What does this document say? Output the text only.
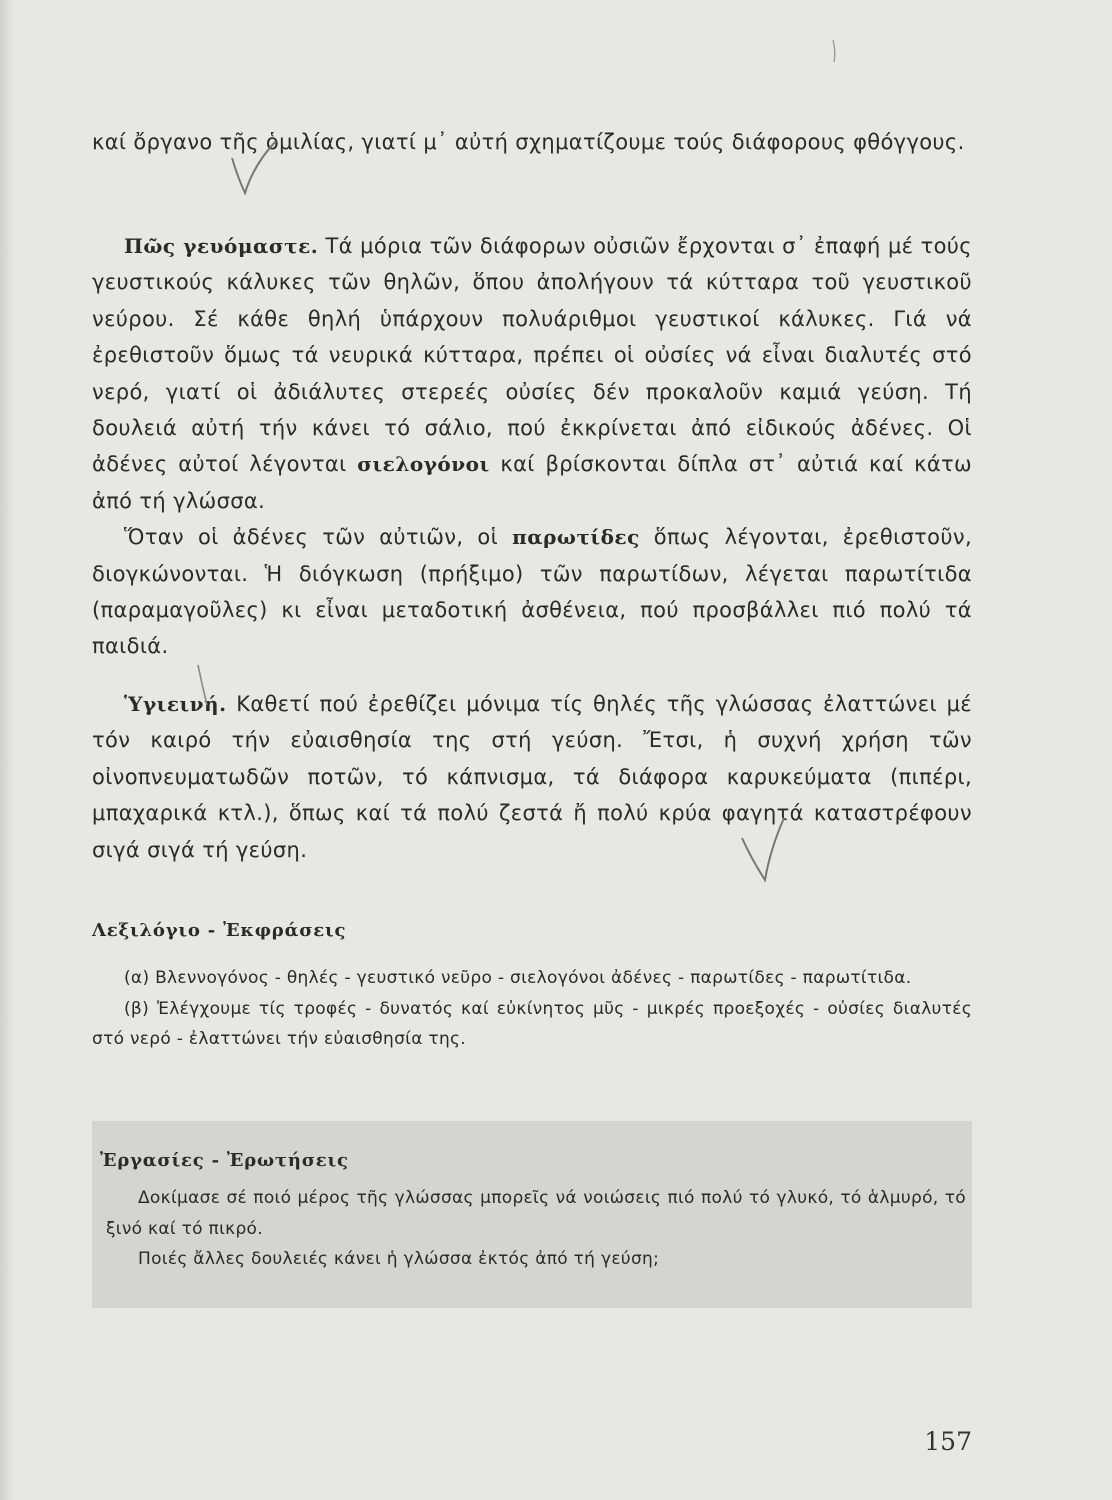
καί ὄργανο τῆς ὁμιλίας, γιατί μ᾽ αὐτή σχηματίζουμε τούς διάφορους φθόγγους.

Πῶς γευόμαστε. Τά μόρια τῶν διάφορων οὐσιῶν ἔρχονται σ᾽ ἐπαφή μέ τούς γευστικούς κάλυκες τῶν θηλῶν, ὅπου ἀπολήγουν τά κύτταρα τοῦ γευστικοῦ νεύρου. Σέ κάθε θηλή ὑπάρχουν πολυάριθμοι γευστικοί κάλυκες. Γιά νά ἐρεθιστοῦν ὅμως τά νευρικά κύτταρα, πρέπει οἱ οὐσίες νά εἶναι διαλυτές στό νερό, γιατί οἱ ἀδιάλυτες στερεές οὐσίες δέν προκαλοῦν καμιά γεύση. Τή δουλειά αὐτή τήν κάνει τό σάλιο, πού ἐκκρίνεται ἀπό εἰδικούς ἀδένες. Οἱ ἀδένες αὐτοί λέγονται σιελογόνοι καί βρίσκονται δίπλα στ᾽ αὐτιά καί κάτω ἀπό τή γλώσσα.

Ὅταν οἱ ἀδένες τῶν αὐτιῶν, οἱ παρωτίδες ὅπως λέγονται, ἐρεθιστοῦν, διογκώνονται. Ἡ διόγκωση (πρήξιμο) τῶν παρωτίδων, λέγεται παρωτίτιδα (παραμαγοῦλες) κι εἶναι μεταδοτική ἀσθένεια, πού προσβάλλει πιό πολύ τά παιδιά.

Ὑγιεινή. Καθετί πού ἐρεθίζει μόνιμα τίς θηλές τῆς γλώσσας ἐλαττώνει μέ τόν καιρό τήν εὐαισθησία της στή γεύση. Ἔτσι, ἡ συχνή χρήση τῶν οἰνοπνευματωδῶν ποτῶν, τό κάπνισμα, τά διάφορα καρυκεύματα (πιπέρι, μπαχαρικά κτλ.), ὅπως καί τά πολύ ζεστά ἤ πολύ κρύα φαγητά καταστρέφουν σιγά σιγά τή γεύση.

Λεξιλόγιο - Ἐκφράσεις

(α) Βλεννογόνος - θηλές - γευστικό νεῦρο - σιελογόνοι ἀδένες - παρωτίδες - παρωτίτιδα.

(β) Ἐλέγχουμε τίς τροφές - δυνατός καί εὐκίνητος μῦς - μικρές προεξοχές - οὐσίες διαλυτές στό νερό - ἐλαττώνει τήν εὐαισθησία της.

Ἐργασίες - Ἐρωτήσεις

Δοκίμασε σέ ποιό μέρος τῆς γλώσσας μπορεῖς νά νοιώσεις πιό πολύ τό γλυκό, τό ἁλμυρό, τό ξινό καί τό πικρό.

Ποιές ἄλλες δουλειές κάνει ἡ γλώσσα ἐκτός ἀπό τή γεύση;

157
